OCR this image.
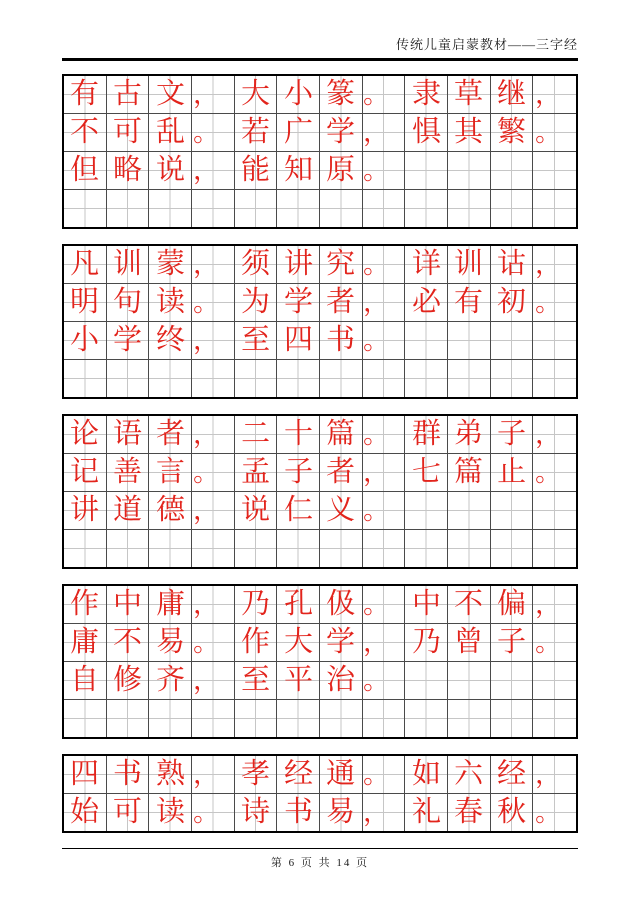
传统儿童启蒙教材——三字经
有 古 文 ， 大 小 篆 。 隶 草 继 ，
不 可 乱 。 若 广 学 ， 惧 其 繁 。
但 略 说 ， 能 知 原 。
凡 训 蒙 ， 须 讲 究 。 详 训 诂 ，
明 句 读 。 为 学 者 ， 必 有 初 。
小 学 终 ， 至 四 书 。
论 语 者 ， 二 十 篇 。 群 弟 子 ，
记 善 言 。 孟 子 者 ， 七 篇 止 。
讲 道 德 ， 说 仁 义 。
作 中 庸 ， 乃 孔 伋 。 中 不 偏 ，
庸 不 易 。 作 大 学 ， 乃 曾 子 。
自 修 齐 ， 至 平 治 。
四 书 熟 ， 孝 经 通 。 如 六 经 ，
始 可 读 。 诗 书 易 ， 礼 春 秋 。
第 6 页 共 14 页
